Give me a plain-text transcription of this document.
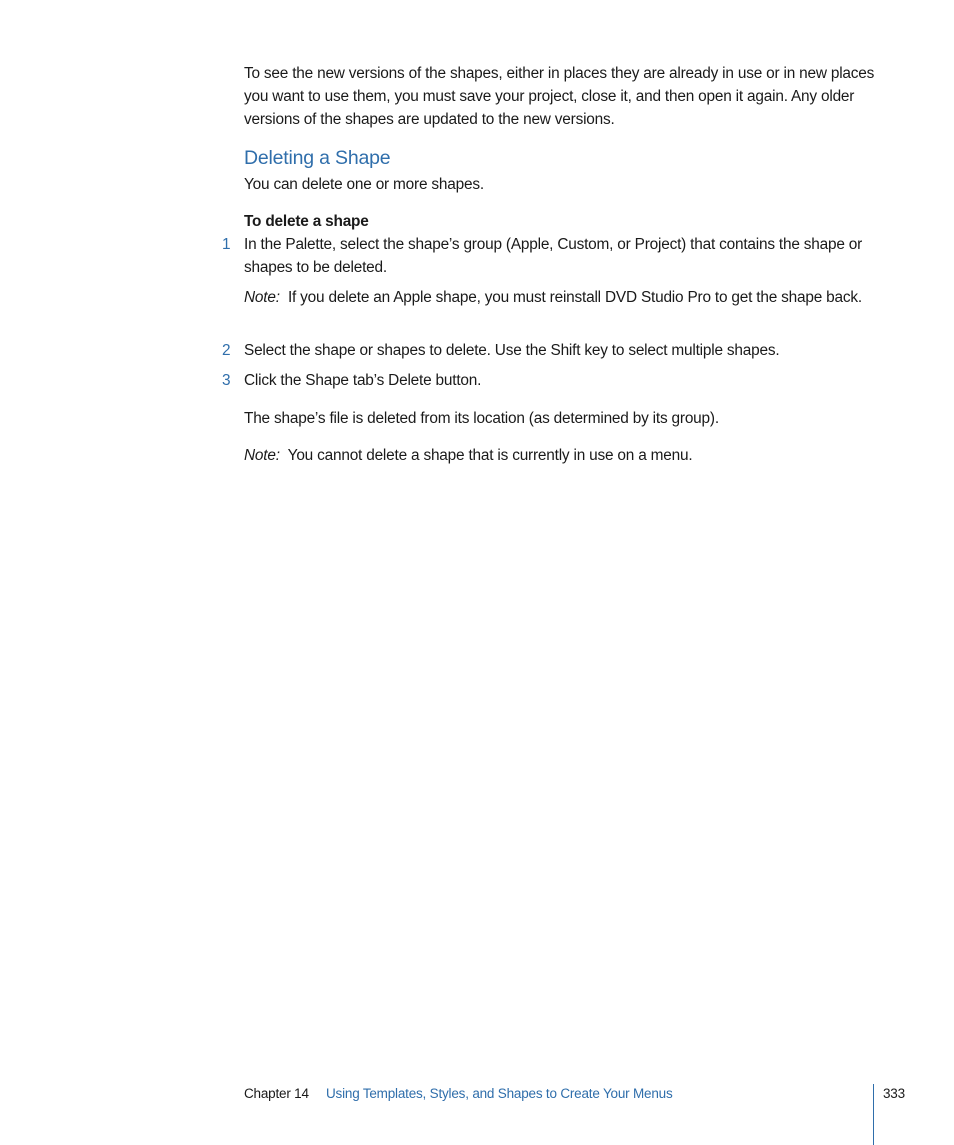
To see the new versions of the shapes, either in places they are already in use or in new places you want to use them, you must save your project, close it, and then open it again. Any older versions of the shapes are updated to the new versions.
Deleting a Shape
You can delete one or more shapes.
To delete a shape
1 In the Palette, select the shape’s group (Apple, Custom, or Project) that contains the shape or shapes to be deleted.
Note: If you delete an Apple shape, you must reinstall DVD Studio Pro to get the shape back.
2 Select the shape or shapes to delete. Use the Shift key to select multiple shapes.
3 Click the Shape tab’s Delete button.
The shape’s file is deleted from its location (as determined by its group).
Note: You cannot delete a shape that is currently in use on a menu.
Chapter 14 Using Templates, Styles, and Shapes to Create Your Menus	333
